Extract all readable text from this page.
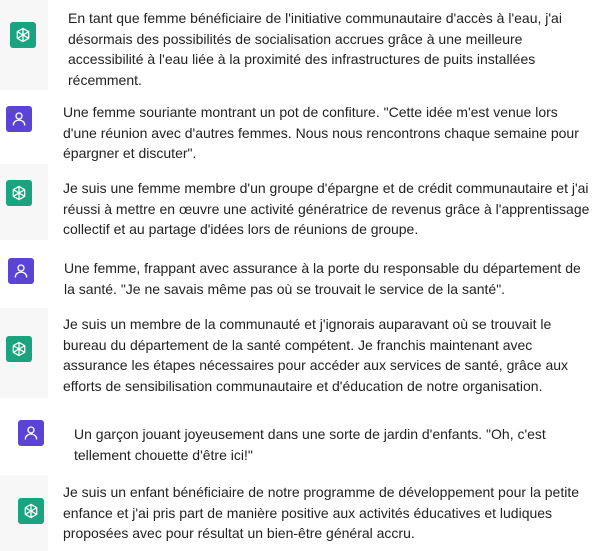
En tant que femme bénéficiaire de l'initiative communautaire d'accès à l'eau, j'ai désormais des possibilités de socialisation accrues grâce à une meilleure accessibilité à l'eau liée à la proximité des infrastructures de puits installées récemment.
Une femme souriante montrant un pot de confiture. "Cette idée m'est venue lors d'une réunion avec d'autres femmes. Nous nous rencontrons chaque semaine pour épargner et discuter".
Je suis une femme membre d'un groupe d'épargne et de crédit communautaire et j'ai réussi à mettre en œuvre une activité génératrice de revenus grâce à l'apprentissage collectif et au partage d'idées lors de réunions de groupe.
Une femme, frappant avec assurance à la porte du responsable du département de la santé. "Je ne savais même pas où se trouvait le service de la santé".
Je suis un membre de la communauté et j'ignorais auparavant où se trouvait le bureau du département de la santé compétent. Je franchis maintenant avec assurance les étapes nécessaires pour accéder aux services de santé, grâce aux efforts de sensibilisation communautaire et d'éducation de notre organisation.
Un garçon jouant joyeusement dans une sorte de jardin d'enfants. "Oh, c'est tellement chouette d'être ici!"
Je suis un enfant bénéficiaire de notre programme de développement pour la petite enfance et j'ai pris part de manière positive aux activités éducatives et ludiques proposées avec pour résultat un bien-être général accru.
